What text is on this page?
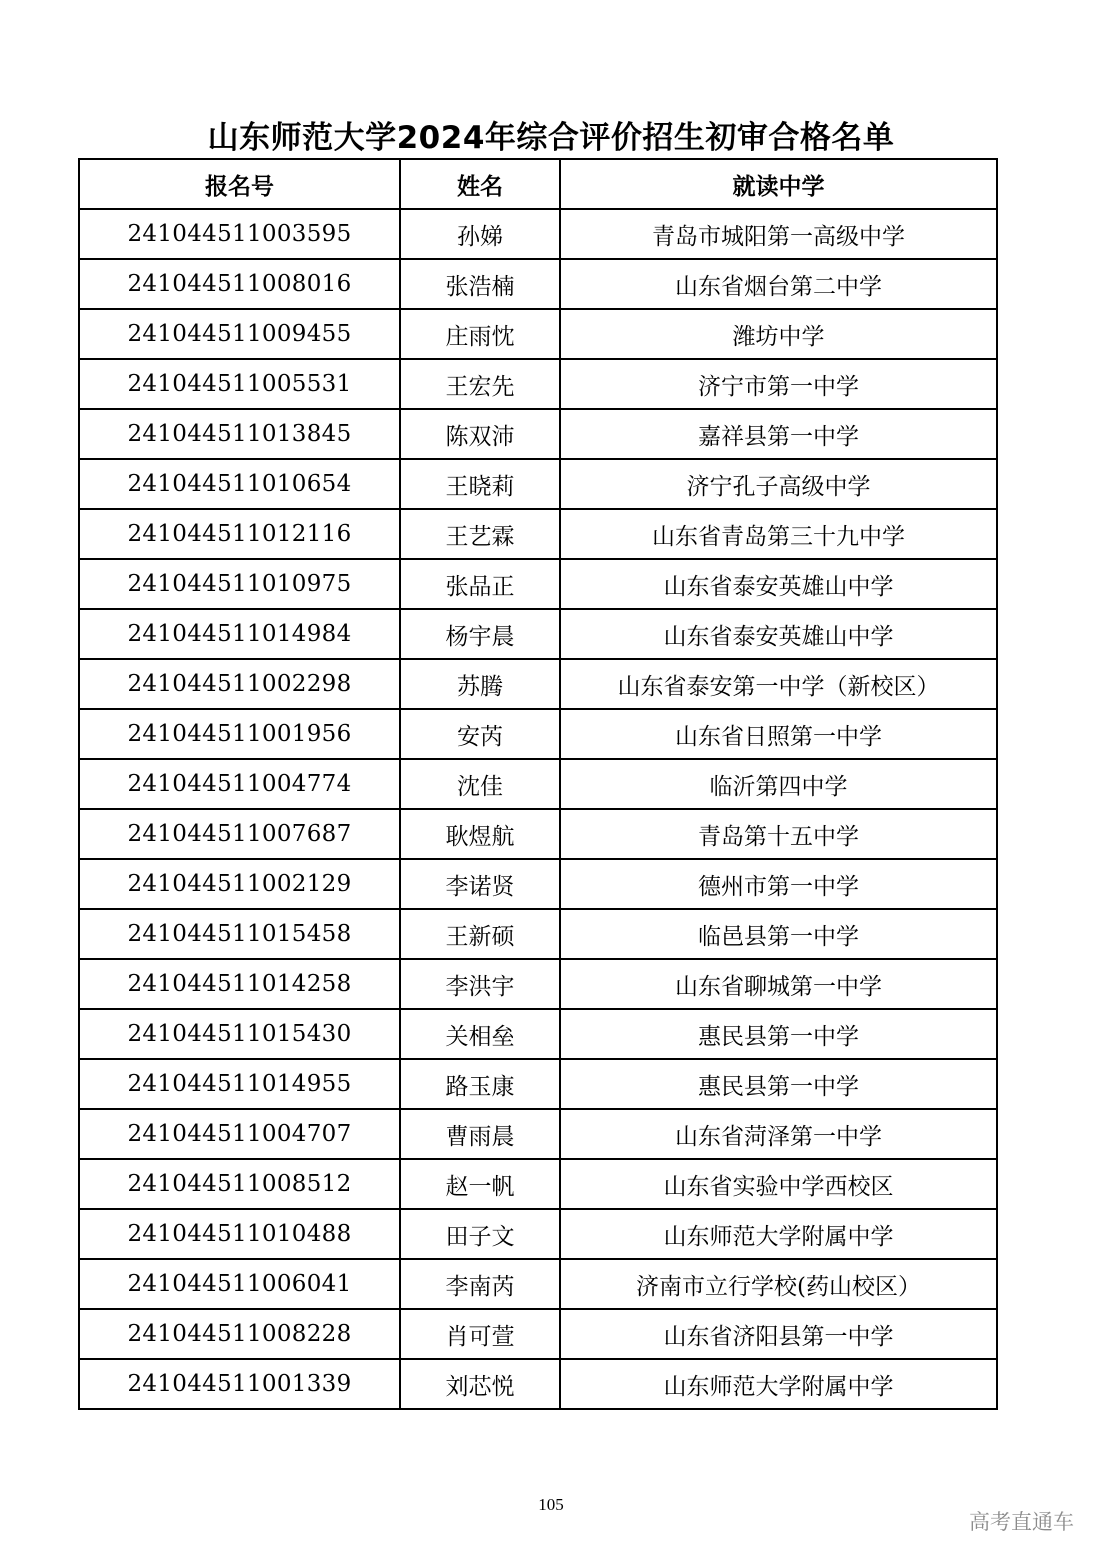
山东师范大学2024年综合评价招生初审合格名单
报名号	姓名	就读中学
241044511003595	孙娣	青岛市城阳第一高级中学
241044511008016	张浩楠	山东省烟台第二中学
241044511009455	庄雨忱	潍坊中学
241044511005531	王宏先	济宁市第一中学
241044511013845	陈双沛	嘉祥县第一中学
241044511010654	王晓莉	济宁孔子高级中学
241044511012116	王艺霖	山东省青岛第三十九中学
241044511010975	张品正	山东省泰安英雄山中学
241044511014984	杨宇晨	山东省泰安英雄山中学
241044511002298	苏腾	山东省泰安第一中学（新校区）
241044511001956	安芮	山东省日照第一中学
241044511004774	沈佳	临沂第四中学
241044511007687	耿煜航	青岛第十五中学
241044511002129	李诺贤	德州市第一中学
241044511015458	王新硕	临邑县第一中学
241044511014258	李洪宇	山东省聊城第一中学
241044511015430	关相垒	惠民县第一中学
241044511014955	路玉康	惠民县第一中学
241044511004707	曹雨晨	山东省菏泽第一中学
241044511008512	赵一帆	山东省实验中学西校区
241044511010488	田子文	山东师范大学附属中学
241044511006041	李南芮	济南市立行学校(药山校区）
241044511008228	肖可萱	山东省济阳县第一中学
241044511001339	刘芯悦	山东师范大学附属中学
105
高考直通车
